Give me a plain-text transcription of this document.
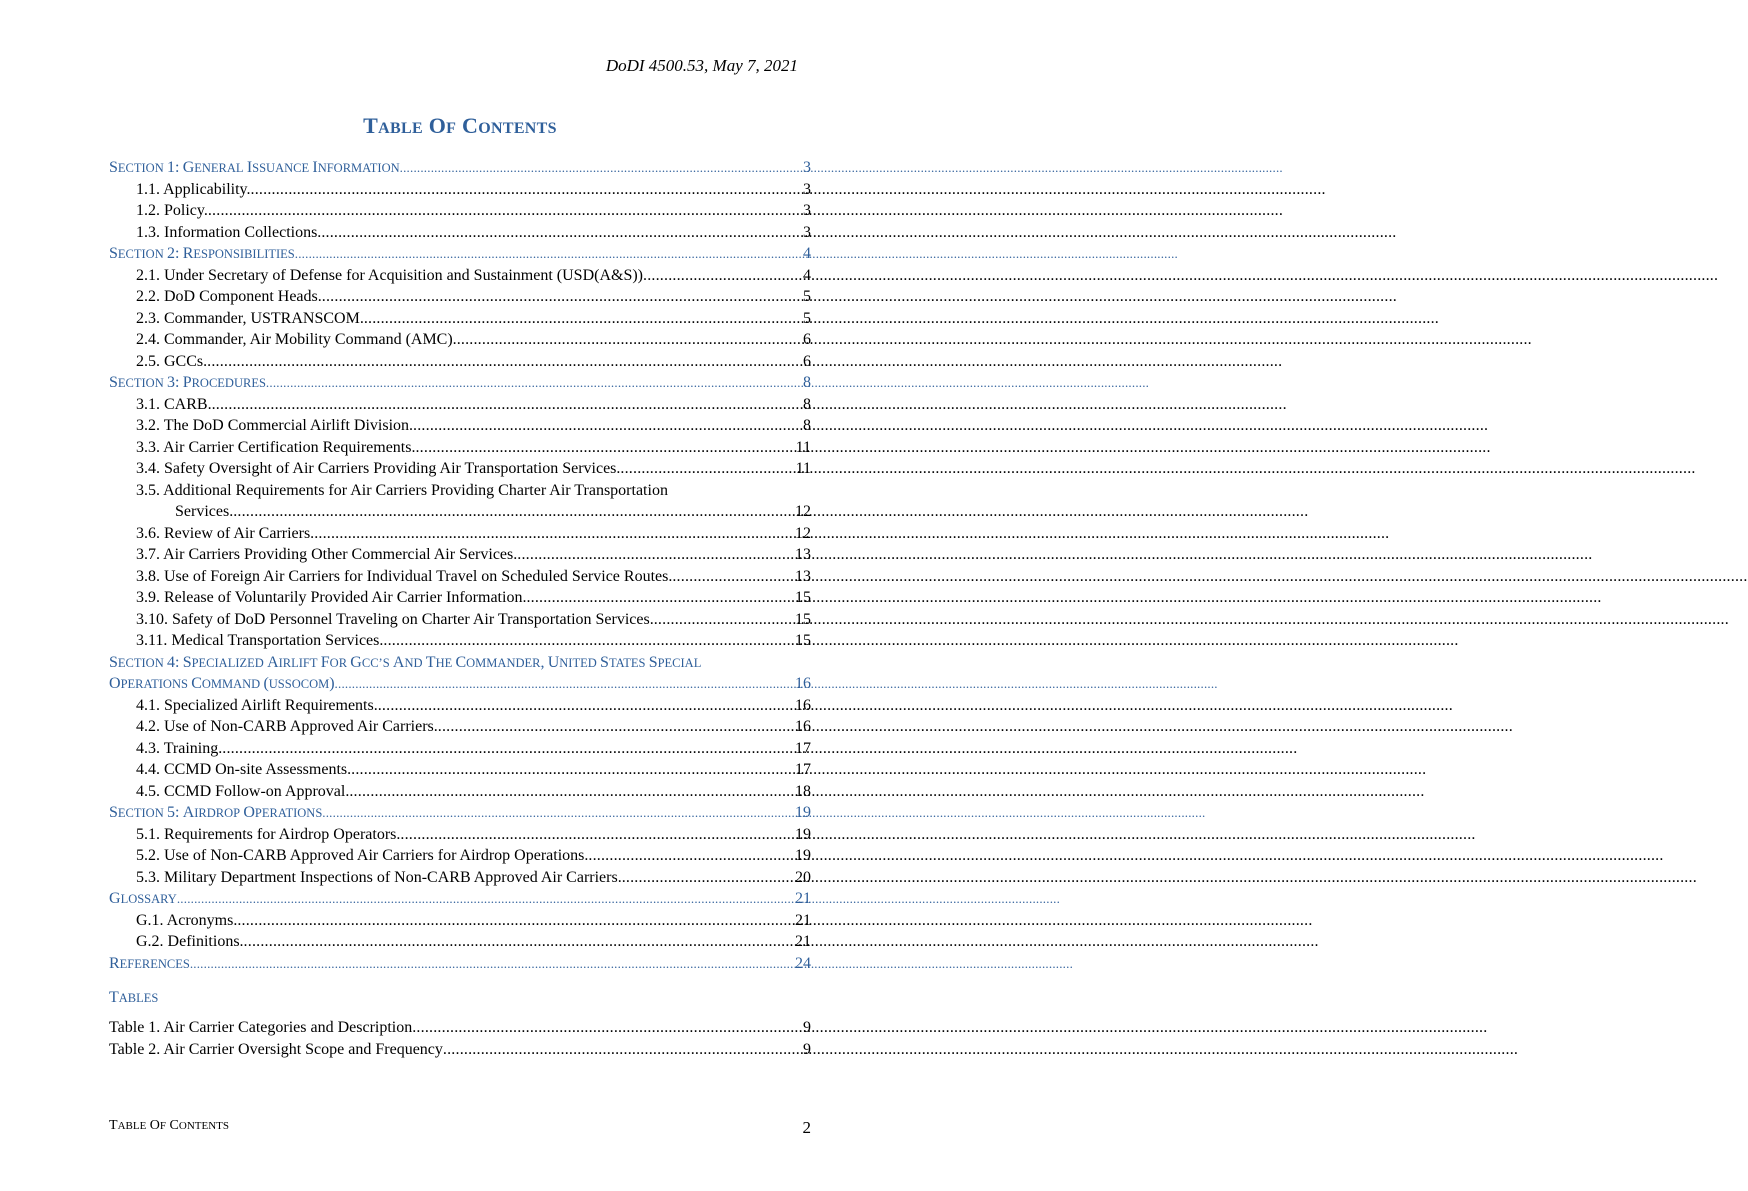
DoDI 4500.53, May 7, 2021
TABLE OF CONTENTS
SECTION 1: GENERAL ISSUANCE INFORMATION .....	3
1.1. Applicability. .....	3
1.2. Policy. .....	3
1.3. Information Collections. .....	3
SECTION 2: RESPONSIBILITIES .....	4
2.1. Under Secretary of Defense for Acquisition and Sustainment (USD(A&S)) .....	4
2.2. DoD Component Heads. .....	5
2.3. Commander, USTRANSCOM. .....	5
2.4. Commander, Air Mobility Command (AMC). .....	6
2.5. GCCs. .....	6
SECTION 3: PROCEDURES .....	8
3.1. CARB. .....	8
3.2. The DoD Commercial Airlift Division. .....	8
3.3. Air Carrier Certification Requirements. .....	11
3.4. Safety Oversight of Air Carriers Providing Air Transportation Services. .....	11
3.5. Additional Requirements for Air Carriers Providing Charter Air Transportation
Services. .....	12
3.6. Review of Air Carriers. .....	12
3.7. Air Carriers Providing Other Commercial Air Services. .....	13
3.8. Use of Foreign Air Carriers for Individual Travel on Scheduled Service Routes. .....	13
3.9. Release of Voluntarily Provided Air Carrier Information. .....	15
3.10. Safety of DoD Personnel Traveling on Charter Air Transportation Services. .....	15
3.11. Medical Transportation Services. .....	15
SECTION 4: SPECIALIZED AIRLIFT FOR GCC’S AND THE COMMANDER, UNITED STATES SPECIAL
OPERATIONS COMMAND (USSOCOM) .....	16
4.1. Specialized Airlift Requirements. .....	16
4.2. Use of Non-CARB Approved Air Carriers. .....	16
4.3. Training. .....	17
4.4. CCMD On-site Assessments. .....	17
4.5. CCMD Follow-on Approval. .....	18
SECTION 5: AIRDROP OPERATIONS .....	19
5.1. Requirements for Airdrop Operators. .....	19
5.2. Use of Non-CARB Approved Air Carriers for Airdrop Operations. .....	19
5.3. Military Department Inspections of Non-CARB Approved Air Carriers. .....	20
GLOSSARY .....	21
G.1. Acronyms. .....	21
G.2. Definitions. .....	21
REFERENCES .....	24
TABLES
Table 1. Air Carrier Categories and Description .....	9
Table 2. Air Carrier Oversight Scope and Frequency .....	9
TABLE OF CONTENTS	2
